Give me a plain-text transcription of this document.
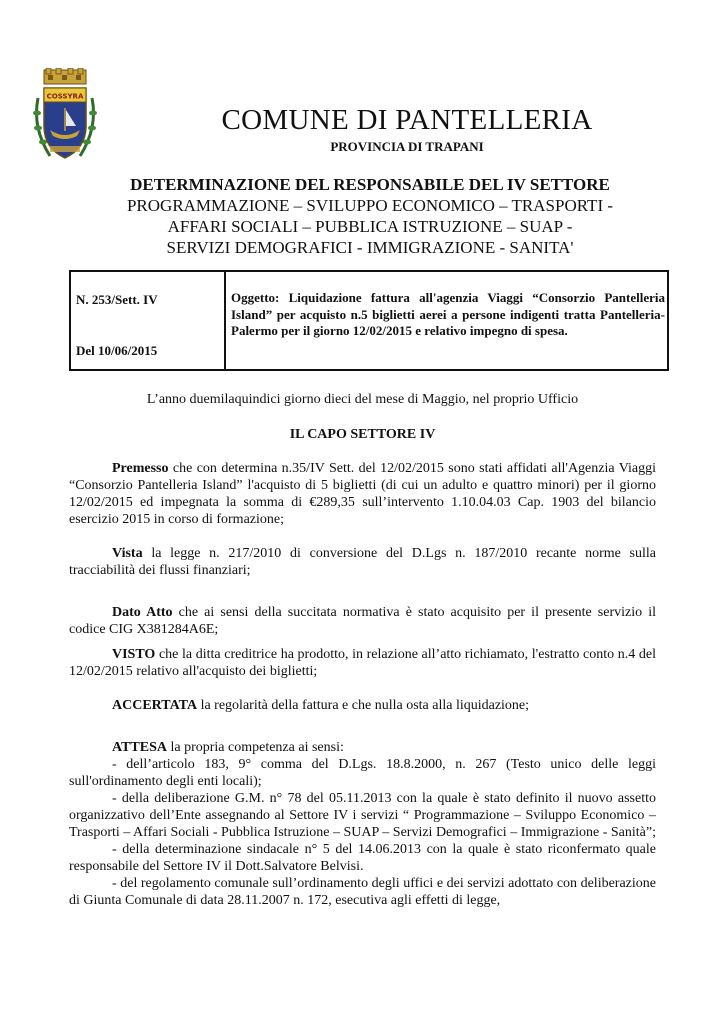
COSSYRA
COMUNE DI PANTELLERIA
PROVINCIA DI TRAPANI
DETERMINAZIONE DEL RESPONSABILE DEL IV SETTORE
PROGRAMMAZIONE – SVILUPPO ECONOMICO – TRASPORTI -
AFFARI SOCIALI – PUBBLICA ISTRUZIONE – SUAP -
SERVIZI DEMOGRAFICI - IMMIGRAZIONE - SANITA'
N. 253/Sett. IV
Del 10/06/2015
Oggetto: Liquidazione fattura all'agenzia Viaggi “Consorzio Pantelleria Island” per acquisto n.5 biglietti aerei a persone indigenti tratta Pantelleria-Palermo per il giorno 12/02/2015 e relativo impegno di spesa.

L’anno duemilaquindici giorno dieci del mese di Maggio, nel proprio Ufficio

IL CAPO SETTORE IV

Premesso che con determina n.35/IV Sett. del 12/02/2015 sono stati affidati all'Agenzia Viaggi “Consorzio Pantelleria Island” l'acquisto di 5 biglietti (di cui un adulto e quattro minori) per il giorno 12/02/2015 ed impegnata la somma di €289,35 sull’intervento 1.10.04.03 Cap. 1903 del bilancio esercizio 2015 in corso di formazione;

Vista la legge n. 217/2010 di conversione del D.Lgs n. 187/2010 recante norme sulla tracciabilità dei flussi finanziari;

Dato Atto che ai sensi della succitata normativa è stato acquisito per il presente servizio il codice CIG X381284A6E;

VISTO che la ditta creditrice ha prodotto, in relazione all’atto richiamato, l'estratto conto n.4 del 12/02/2015 relativo all'acquisto dei biglietti;

ACCERTATA la regolarità della fattura e che nulla osta alla liquidazione;

ATTESA la propria competenza ai sensi:

- dell’articolo 183, 9° comma del D.Lgs. 18.8.2000, n. 267 (Testo unico delle leggi sull'ordinamento degli enti locali);

- della deliberazione G.M. n° 78 del 05.11.2013 con la quale è stato definito il nuovo assetto organizzativo dell’Ente assegnando al Settore IV i servizi “ Programmazione – Sviluppo Economico – Trasporti – Affari Sociali - Pubblica Istruzione – SUAP – Servizi Demografici – Immigrazione - Sanità”;

- della determinazione sindacale n° 5 del 14.06.2013 con la quale è stato riconfermato quale responsabile del Settore IV il Dott.Salvatore Belvisi.

- del regolamento comunale sull’ordinamento degli uffici e dei servizi adottato con deliberazione di Giunta Comunale di data 28.11.2007 n. 172, esecutiva agli effetti di legge,
